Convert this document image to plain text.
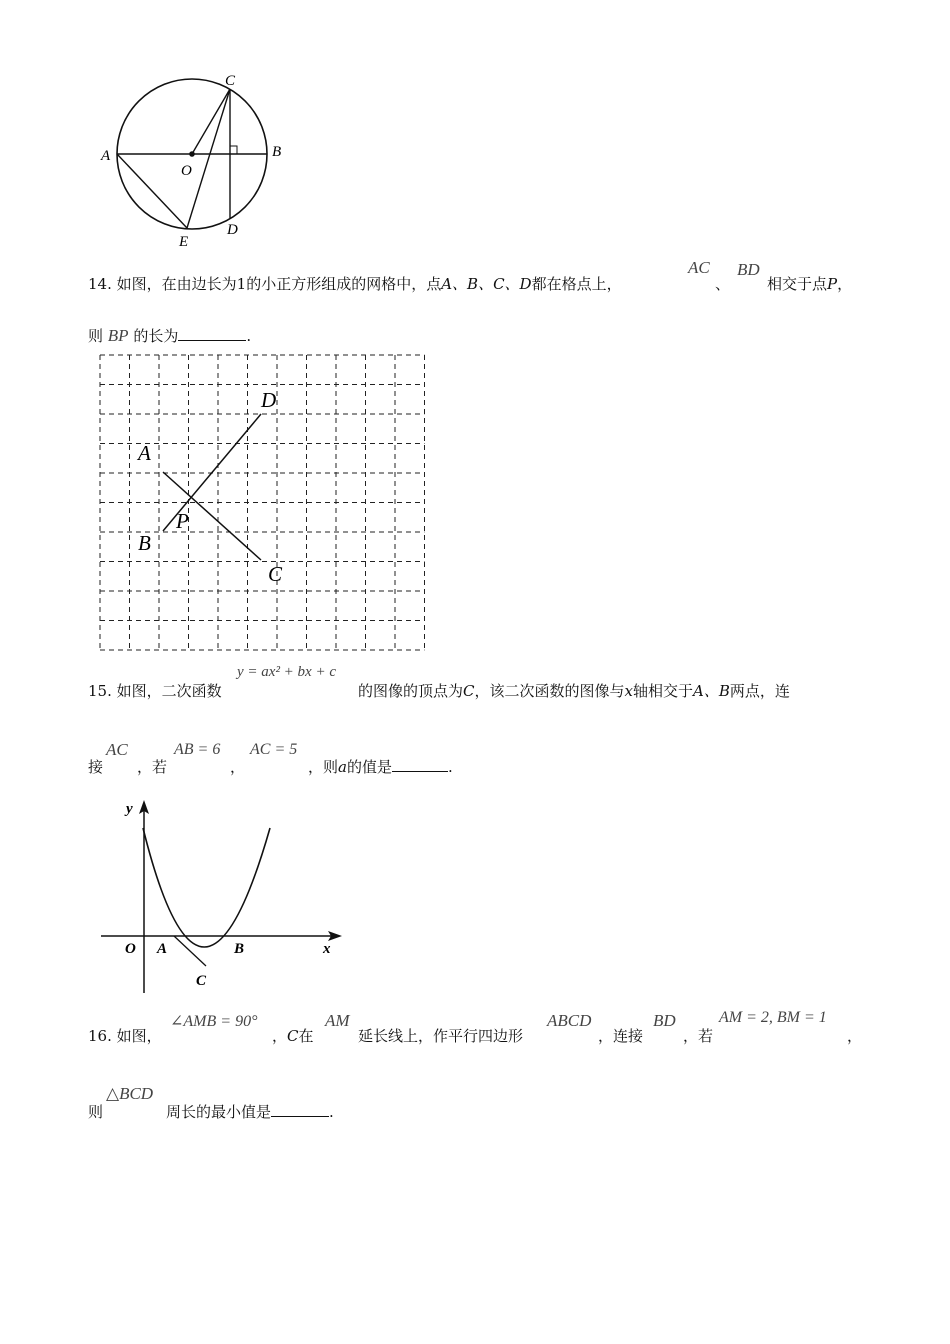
C
A	B
O
D
E
14. 如图，在由边长为1的小正方形组成的网格中，点A、B、C、D都在格点上，
AC
、
BD
相交于点P，
则 BP 的长为	.
D
A
P
B
C
15. 如图，二次函数
y = ax² + bx + c
的图像的顶点为C，该二次函数的图像与x轴相交于A、B两点，连
接
AC
，若
AB = 6
，
AC = 5
，则a的值是	.
y
x
O A	B
C
16. 如图，
∠AMB = 90°
，C在
AM
延长线上，作平行四边形
ABCD
，连接
BD
，若
AM = 2, BM = 1
，
则
△BCD
周长的最小值是	.
